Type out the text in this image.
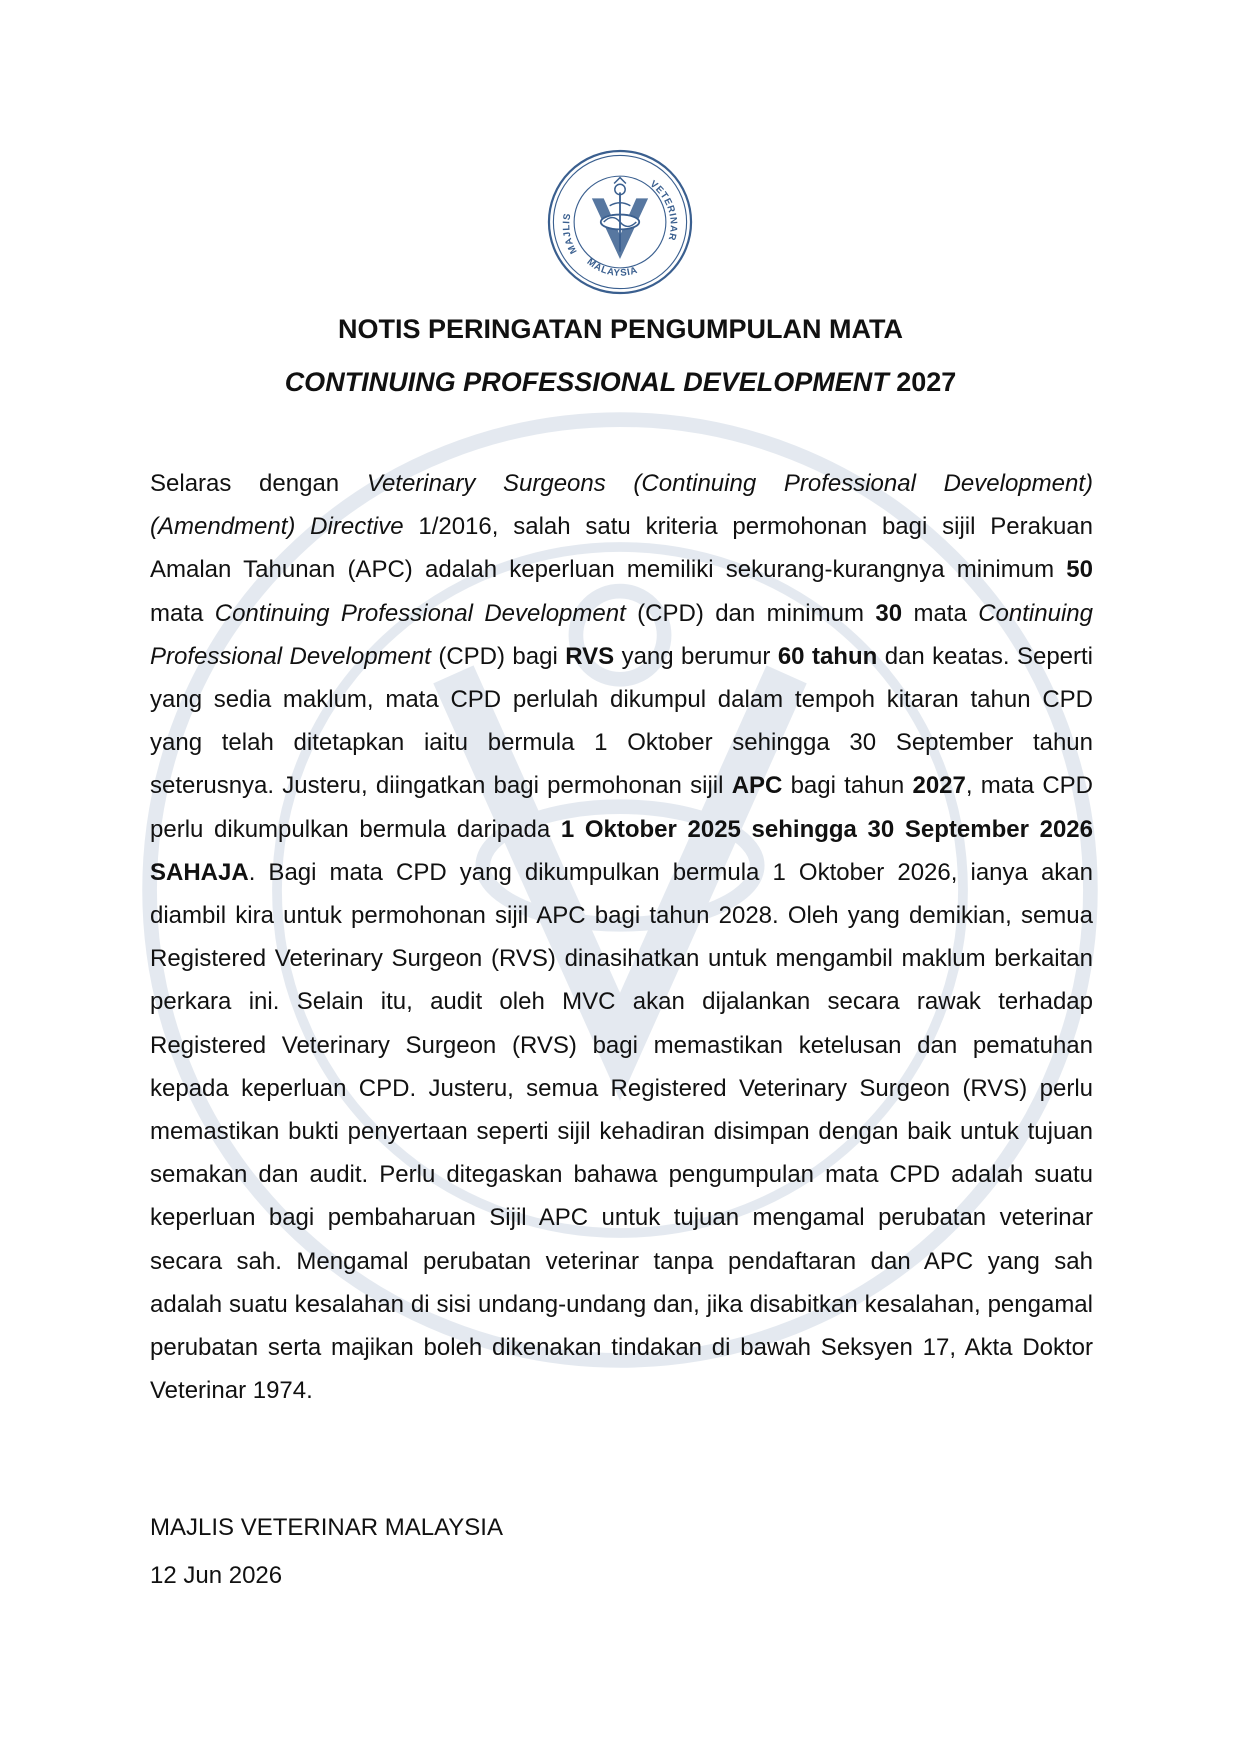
MAJLIS
VETERINAR
MALAYSIA

NOTIS PERINGATAN PENGUMPULAN MATA

CONTINUING PROFESSIONAL DEVELOPMENT 2027

Selaras dengan Veterinary Surgeons (Continuing Professional Development) (Amendment) Directive 1/2016, salah satu kriteria permohonan bagi sijil Perakuan Amalan Tahunan (APC) adalah keperluan memiliki sekurang-kurangnya minimum 50 mata Continuing Professional Development (CPD) dan minimum 30 mata Continuing Professional Development (CPD) bagi RVS yang berumur 60 tahun dan keatas. Seperti yang sedia maklum, mata CPD perlulah dikumpul dalam tempoh kitaran tahun CPD yang telah ditetapkan iaitu bermula 1 Oktober sehingga 30 September tahun seterusnya. Justeru, diingatkan bagi permohonan sijil APC bagi tahun 2027, mata CPD perlu dikumpulkan bermula daripada 1 Oktober 2025 sehingga 30 September 2026 SAHAJA. Bagi mata CPD yang dikumpulkan bermula 1 Oktober 2026, ianya akan diambil kira untuk permohonan sijil APC bagi tahun 2028. Oleh yang demikian, semua Registered Veterinary Surgeon (RVS) dinasihatkan untuk mengambil maklum berkaitan perkara ini. Selain itu, audit oleh MVC akan dijalankan secara rawak terhadap Registered Veterinary Surgeon (RVS) bagi memastikan ketelusan dan pematuhan kepada keperluan CPD. Justeru, semua Registered Veterinary Surgeon (RVS) perlu memastikan bukti penyertaan seperti sijil kehadiran disimpan dengan baik untuk tujuan semakan dan audit. Perlu ditegaskan bahawa pengumpulan mata CPD adalah suatu keperluan bagi pembaharuan Sijil APC untuk tujuan mengamal perubatan veterinar secara sah. Mengamal perubatan veterinar tanpa pendaftaran dan APC yang sah adalah suatu kesalahan di sisi undang-undang dan, jika disabitkan kesalahan, pengamal perubatan serta majikan boleh dikenakan tindakan di bawah Seksyen 17, Akta Doktor Veterinar 1974.

MAJLIS VETERINAR MALAYSIA

12 Jun 2026
